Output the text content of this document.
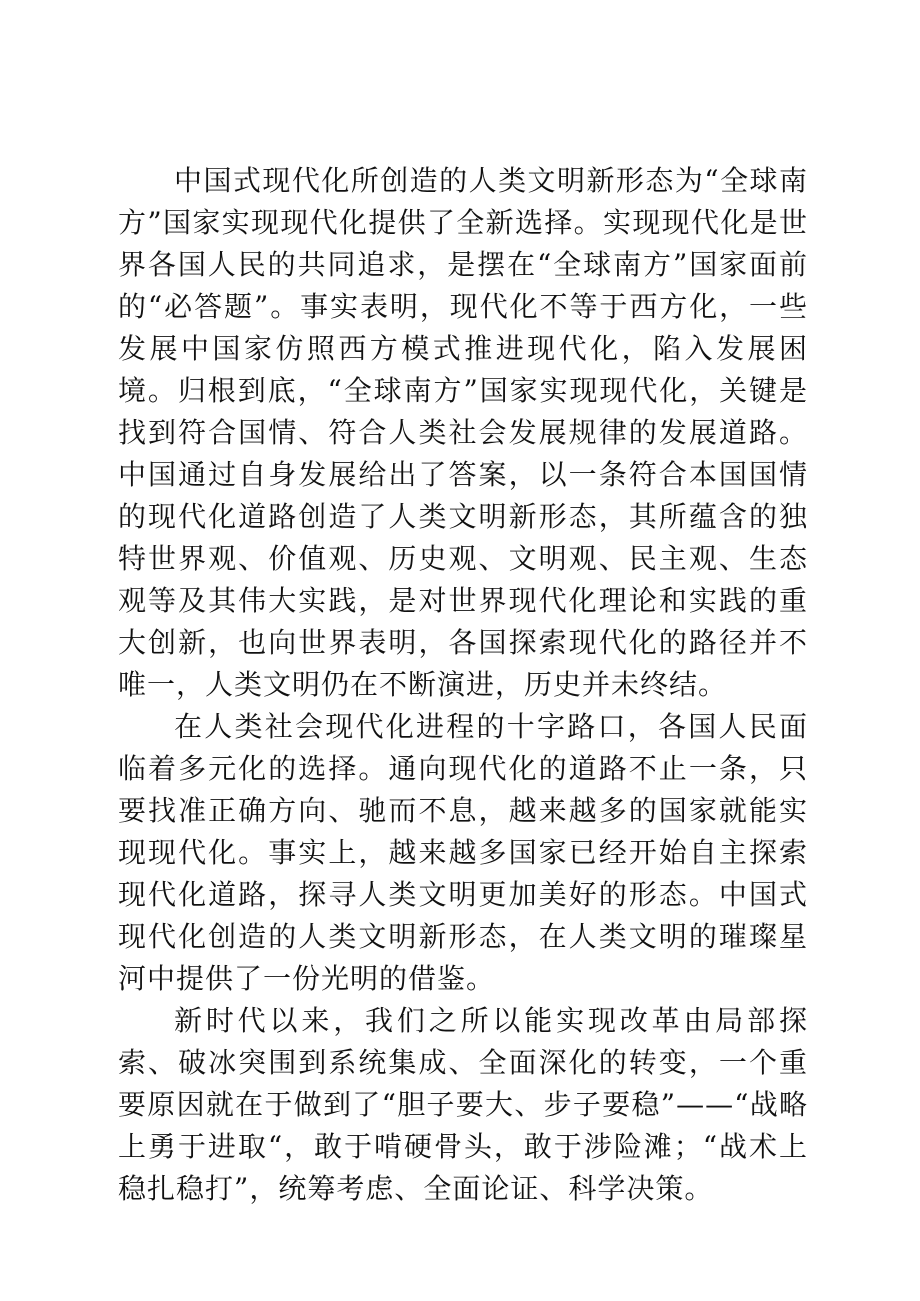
中国式现代化所创造的人类文明新形态为“全球南方”国家实现现代化提供了全新选择。实现现代化是世界各国人民的共同追求，是摆在“全球南方”国家面前的“必答题”。事实表明，现代化不等于西方化，一些发展中国家仿照西方模式推进现代化，陷入发展困境。归根到底，“全球南方”国家实现现代化，关键是找到符合国情、符合人类社会发展规律的发展道路。中国通过自身发展给出了答案，以一条符合本国国情的现代化道路创造了人类文明新形态，其所蕴含的独特世界观、价值观、历史观、文明观、民主观、生态观等及其伟大实践，是对世界现代化理论和实践的重大创新，也向世界表明，各国探索现代化的路径并不唯一，人类文明仍在不断演进，历史并未终结。

在人类社会现代化进程的十字路口，各国人民面临着多元化的选择。通向现代化的道路不止一条，只要找准正确方向、驰而不息，越来越多的国家就能实现现代化。事实上，越来越多国家已经开始自主探索现代化道路，探寻人类文明更加美好的形态。中国式现代化创造的人类文明新形态，在人类文明的璀璨星河中提供了一份光明的借鉴。

新时代以来，我们之所以能实现改革由局部探索、破冰突围到系统集成、全面深化的转变，一个重要原因就在于做到了“胆子要大、步子要稳”——“战略上勇于进取“，敢于啃硬骨头，敢于涉险滩；“战术上稳扎稳打”，统筹考虑、全面论证、科学决策。
